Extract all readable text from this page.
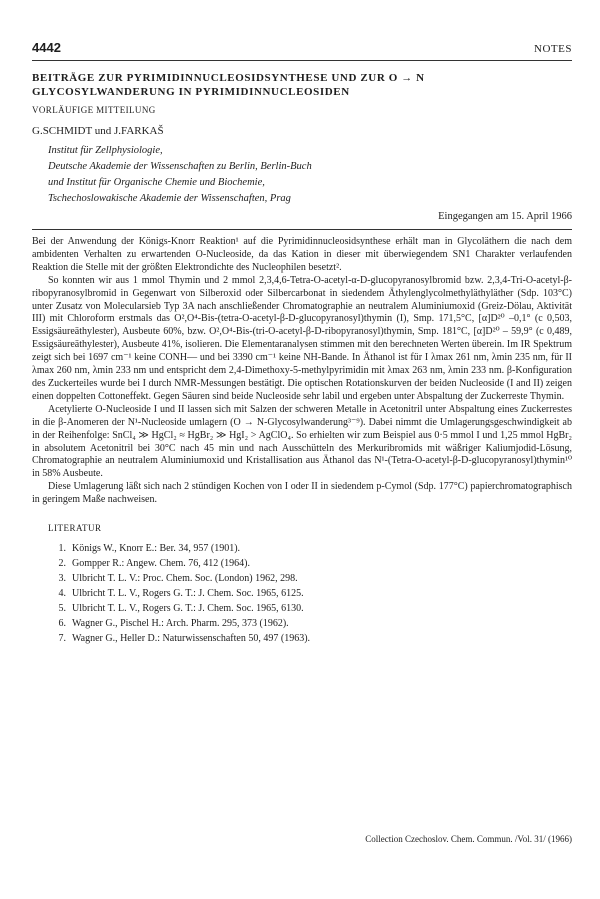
4442	NOTES
BEITRÄGE ZUR PYRIMIDINNUCLEOSIDSYNTHESE UND ZUR O → N
GLYCOSYLWANDERUNG IN PYRIMIDINNUCLEOSIDEN
VORLÄUFIGE MITTEILUNG
G.SCHMIDT und J.FARKAŠ
Institut für Zellphysiologie,
Deutsche Akademie der Wissenschaften zu Berlin, Berlin-Buch
und Institut für Organische Chemie und Biochemie,
Tschechoslowakische Akademie der Wissenschaften, Prag
Eingegangen am 15. April 1966

Bei der Anwendung der Königs-Knorr Reaktion¹ auf die Pyrimidinnucleosidsynthese erhält man in Glycoläthern die nach dem ambidenten Verhalten zu erwartenden O-Nucleoside, da das Kation in dieser mit überwiegendem SN1 Charakter verlaufenden Reaktion die Stelle mit der größten Elektrondichte des Nucleophilen besetzt².

So konnten wir aus 1 mmol Thymin und 2 mmol 2,3,4,6-Tetra-O-acetyl-α-D-glucopyranosylbromid bzw. 2,3,4-Tri-O-acetyl-β-ribopyranosylbromid in Gegenwart von Silberoxid oder Silbercarbonat in siedendem Äthylenglycolmethyläthyläther (Sdp. 103°C) unter Zusatz von Molecularsieb Typ 3A nach anschließender Chromatographie an neutralem Aluminiumoxid (Greiz-Dölau, Aktivität III) mit Chloroform erstmals das O²,O⁴-Bis-(tetra-O-acetyl-β-D-glucopyranosyl)thymin (I), Smp. 171,5°C, [α]D²⁰ –0,1° (c 0,503, Essigsäureäthylester), Ausbeute 60%, bzw. O²,O⁴-Bis-(tri-O-acetyl-β-D-ribopyranosyl)thymin, Smp. 181°C, [α]D²⁰ – 59,9° (c 0,489, Essigsäureäthylester), Ausbeute 41%, isolieren. Die Elementaranalysen stimmen mit den berechneten Werten überein. Im IR Spektrum zeigt sich bei 1697 cm⁻¹ keine CONH— und bei 3390 cm⁻¹ keine NH-Bande. In Äthanol ist für I λmax 261 nm, λmin 235 nm, für II λmax 260 nm, λmin 233 nm und entspricht dem 2,4-Dimethoxy-5-methylpyrimidin mit λmax 263 nm, λmin 233 nm. β-Konfiguration des Zuckerteiles wurde bei I durch NMR-Messungen bestätigt. Die optischen Rotationskurven der beiden Nucleoside (I and II) zeigen einen doppelten Cottoneffekt. Gegen Säuren sind beide Nucleoside sehr labil und ergeben unter Abspaltung der Zuckerreste Thymin.

Acetylierte O-Nucleoside I und II lassen sich mit Salzen der schweren Metalle in Acetonitril unter Abspaltung eines Zuckerrestes in die β-Anomeren der N¹-Nucleoside umlagern (O → N-Glycosylwanderung³⁻⁹). Dabei nimmt die Umlagerungsgeschwindigkeit ab in der Reihenfolge: SnCl₄ ≫ HgCl₂ ≈ HgBr₂ ≫ HgI₂ > AgClO₄. So erhielten wir zum Beispiel aus 0·5 mmol I und 1,25 mmol HgBr₂ in absolutem Acetonitril bei 30°C nach 45 min und nach Ausschütteln des Merkuribromids mit wäßriger Kaliumjodid-Lösung, Chromatographie an neutralem Aluminiumoxid und Kristallisation aus Äthanol das N¹-(Tetra-O-acetyl-β-D-glucopyranosyl)thymin¹⁰ in 58% Ausbeute.

Diese Umlagerung läßt sich nach 2 stündigen Kochen von I oder II in siedendem p-Cymol (Sdp. 177°C) papierchromatographisch in geringem Maße nachweisen.

LITERATUR
1. Königs W., Knorr E.: Ber. 34, 957 (1901).
2. Gompper R.: Angew. Chem. 76, 412 (1964).
3. Ulbricht T. L. V.: Proc. Chem. Soc. (London) 1962, 298.
4. Ulbricht T. L. V., Rogers G. T.: J. Chem. Soc. 1965, 6125.
5. Ulbricht T. L. V., Rogers G. T.: J. Chem. Soc. 1965, 6130.
6. Wagner G., Pischel H.: Arch. Pharm. 295, 373 (1962).
7. Wagner G., Heller D.: Naturwissenschaften 50, 497 (1963).
Collection Czechoslov. Chem. Commun. /Vol. 31/ (1966)
